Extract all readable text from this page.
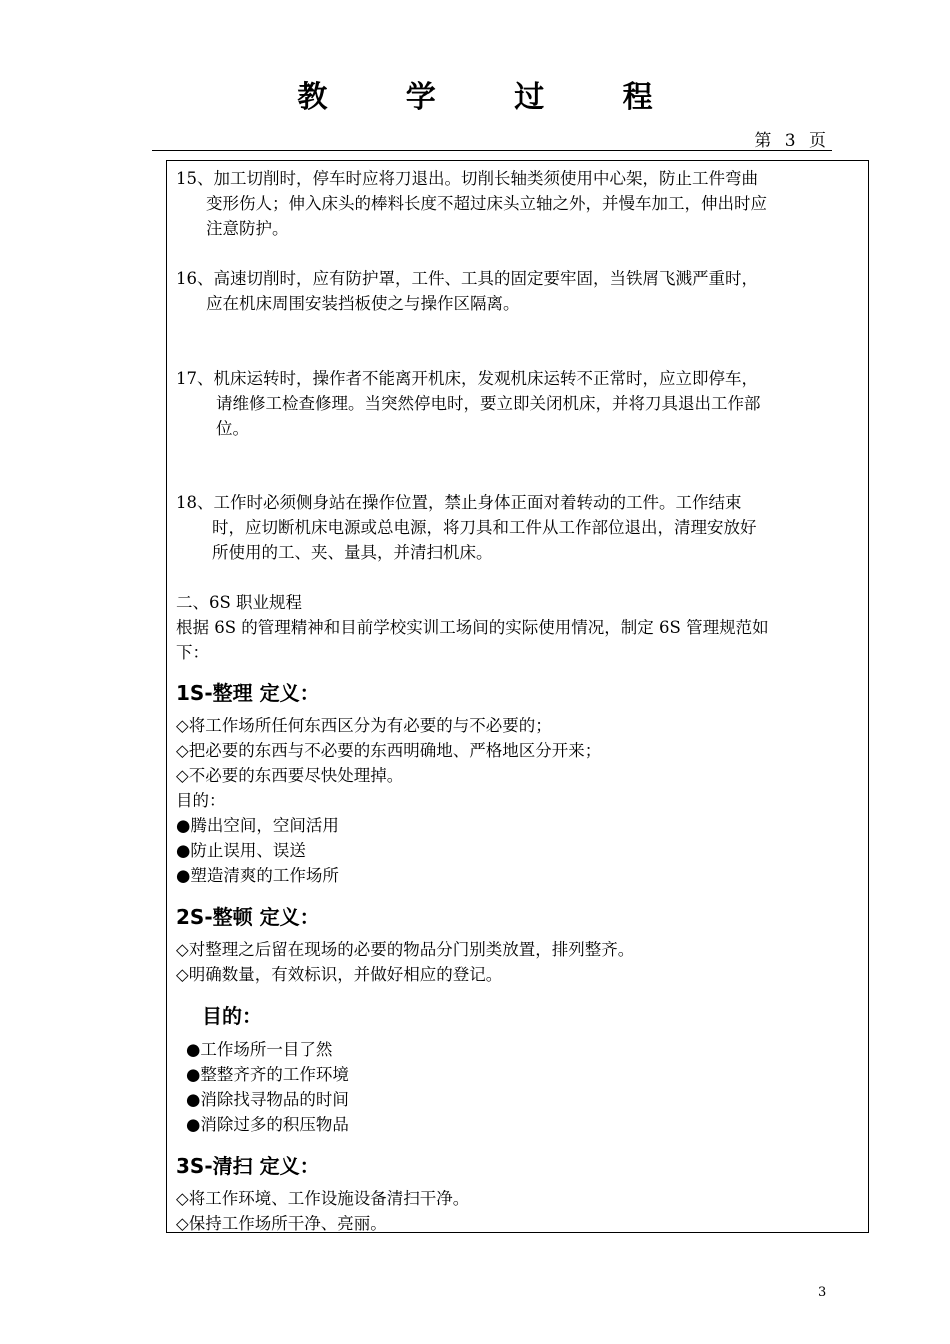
教 学 过 程
第 3 页
15、加工切削时，停车时应将刀退出。切削长轴类须使用中心架，防止工件弯曲
变形伤人；伸入床头的棒料长度不超过床头立轴之外，并慢车加工，伸出时应
注意防护。
16、高速切削时，应有防护罩，工件、工具的固定要牢固，当铁屑飞溅严重时，
应在机床周围安装挡板使之与操作区隔离。
17、机床运转时，操作者不能离开机床，发观机床运转不正常时，应立即停车，
请维修工检查修理。当突然停电时，要立即关闭机床，并将刀具退出工作部
位。
18、工作时必须侧身站在操作位置，禁止身体正面对着转动的工件。工作结束
时，应切断机床电源或总电源，将刀具和工件从工作部位退出，清理安放好
所使用的工、夹、量具，并清扫机床。
二、6S 职业规程
根据 6S 的管理精神和目前学校实训工场间的实际使用情况，制定 6S 管理规范如
下：
1S-整理 定义：
◇将工作场所任何东西区分为有必要的与不必要的；
◇把必要的东西与不必要的东西明确地、严格地区分开来；
◇不必要的东西要尽快处理掉。
目的：
●腾出空间，空间活用
●防止误用、误送
●塑造清爽的工作场所
2S-整顿 定义：
◇对整理之后留在现场的必要的物品分门别类放置，排列整齐。
◇明确数量，有效标识，并做好相应的登记。
目的：
●工作场所一目了然
●整整齐齐的工作环境
●消除找寻物品的时间
●消除过多的积压物品
3S-清扫 定义：
◇将工作环境、工作设施设备清扫干净。
◇保持工作场所干净、亮丽。
3
